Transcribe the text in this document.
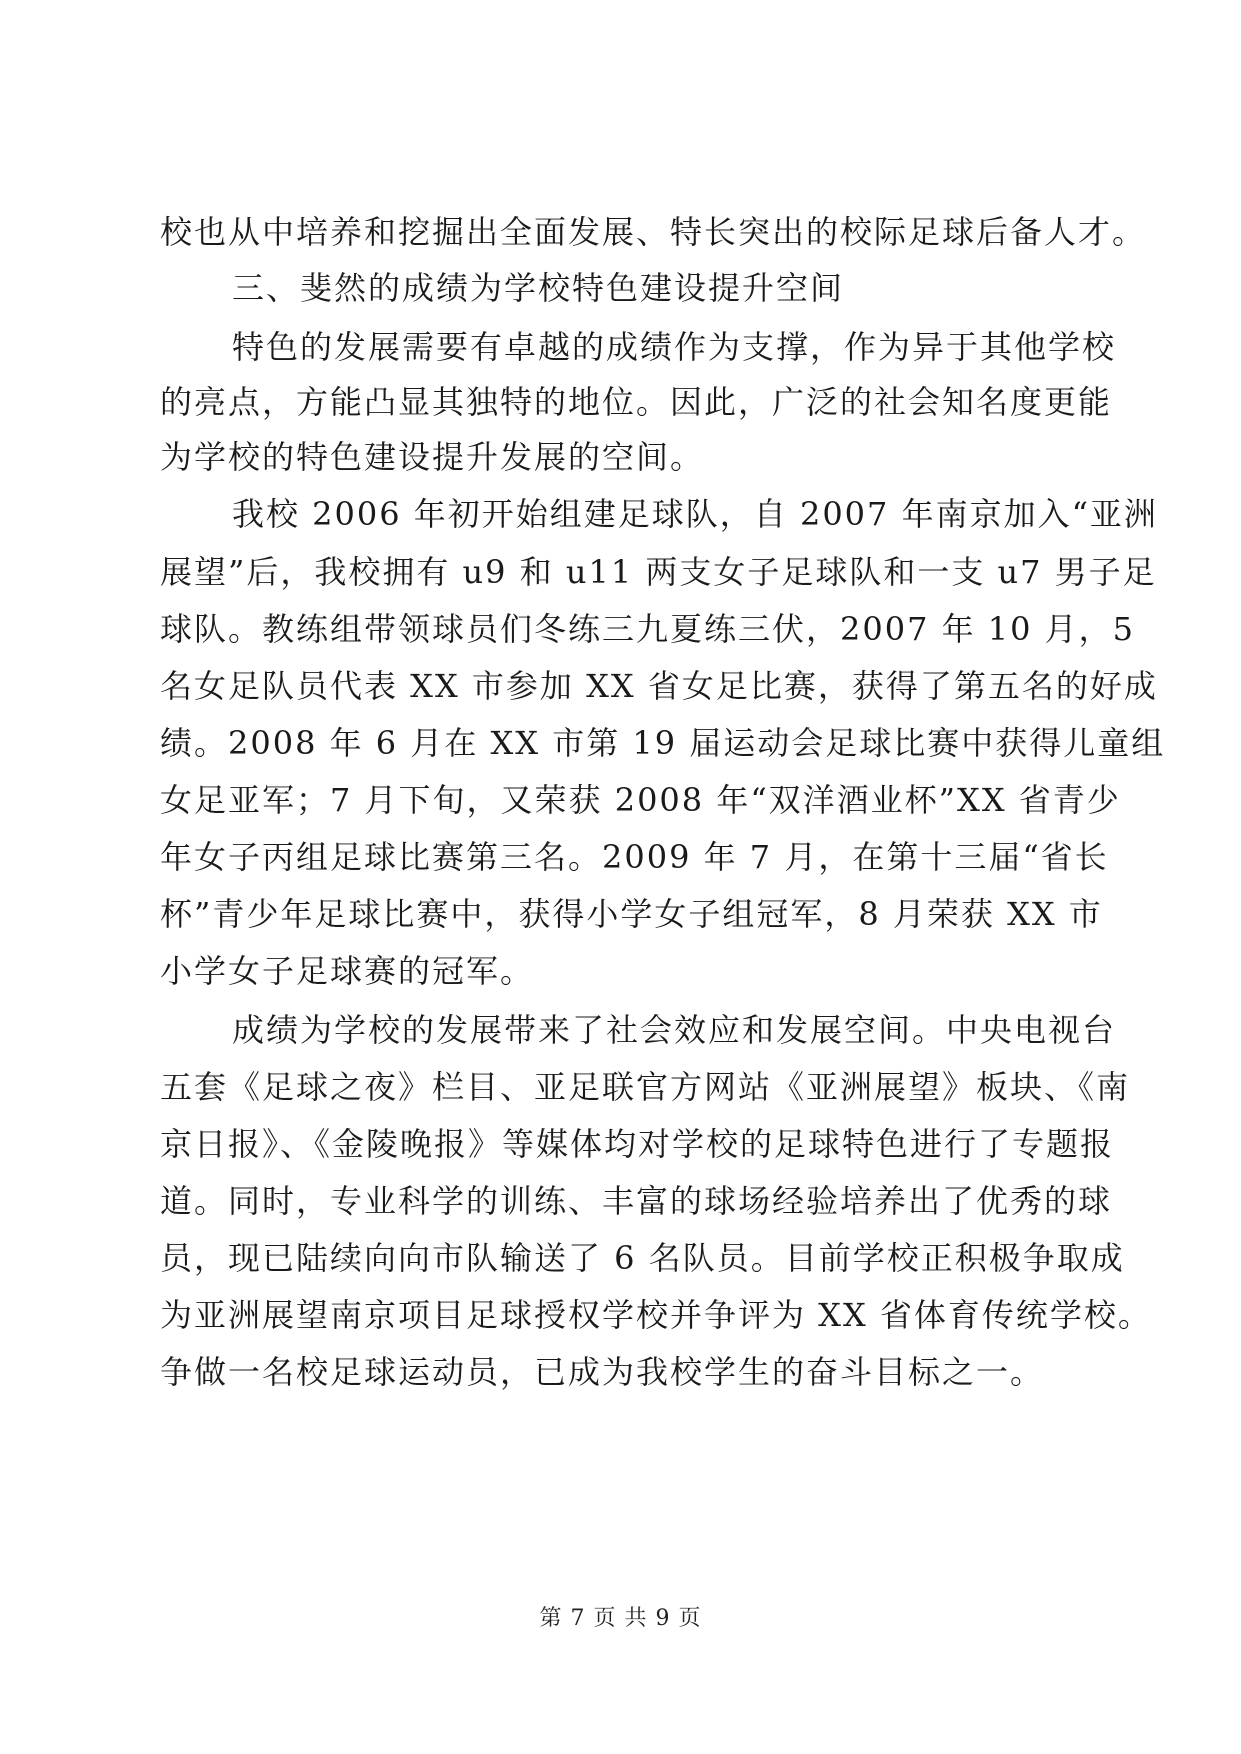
校也从中培养和挖掘出全面发展、特长突出的校际足球后备人才。
三、斐然的成绩为学校特色建设提升空间
特色的发展需要有卓越的成绩作为支撑，作为异于其他学校
的亮点，方能凸显其独特的地位。因此，广泛的社会知名度更能
为学校的特色建设提升发展的空间。
我校 2006 年初开始组建足球队，自 2007 年南京加入“亚洲
展望”后，我校拥有 u9 和 u11 两支女子足球队和一支 u7 男子足
球队。教练组带领球员们冬练三九夏练三伏，2007 年 10 月，5
名女足队员代表 XX 市参加 XX 省女足比赛，获得了第五名的好成
绩。2008 年 6 月在 XX 市第 19 届运动会足球比赛中获得儿童组
女足亚军；7 月下旬，又荣获 2008 年“双洋酒业杯”XX 省青少
年女子丙组足球比赛第三名。2009 年 7 月，在第十三届“省长
杯”青少年足球比赛中，获得小学女子组冠军，8 月荣获 XX 市
小学女子足球赛的冠军。
成绩为学校的发展带来了社会效应和发展空间。中央电视台
五套《足球之夜》栏目、亚足联官方网站《亚洲展望》板块、《南
京日报》、《金陵晚报》等媒体均对学校的足球特色进行了专题报
道。同时，专业科学的训练、丰富的球场经验培养出了优秀的球
员，现已陆续向向市队输送了 6 名队员。目前学校正积极争取成
为亚洲展望南京项目足球授权学校并争评为 XX 省体育传统学校。
争做一名校足球运动员，已成为我校学生的奋斗目标之一。
第 7 页 共 9 页
